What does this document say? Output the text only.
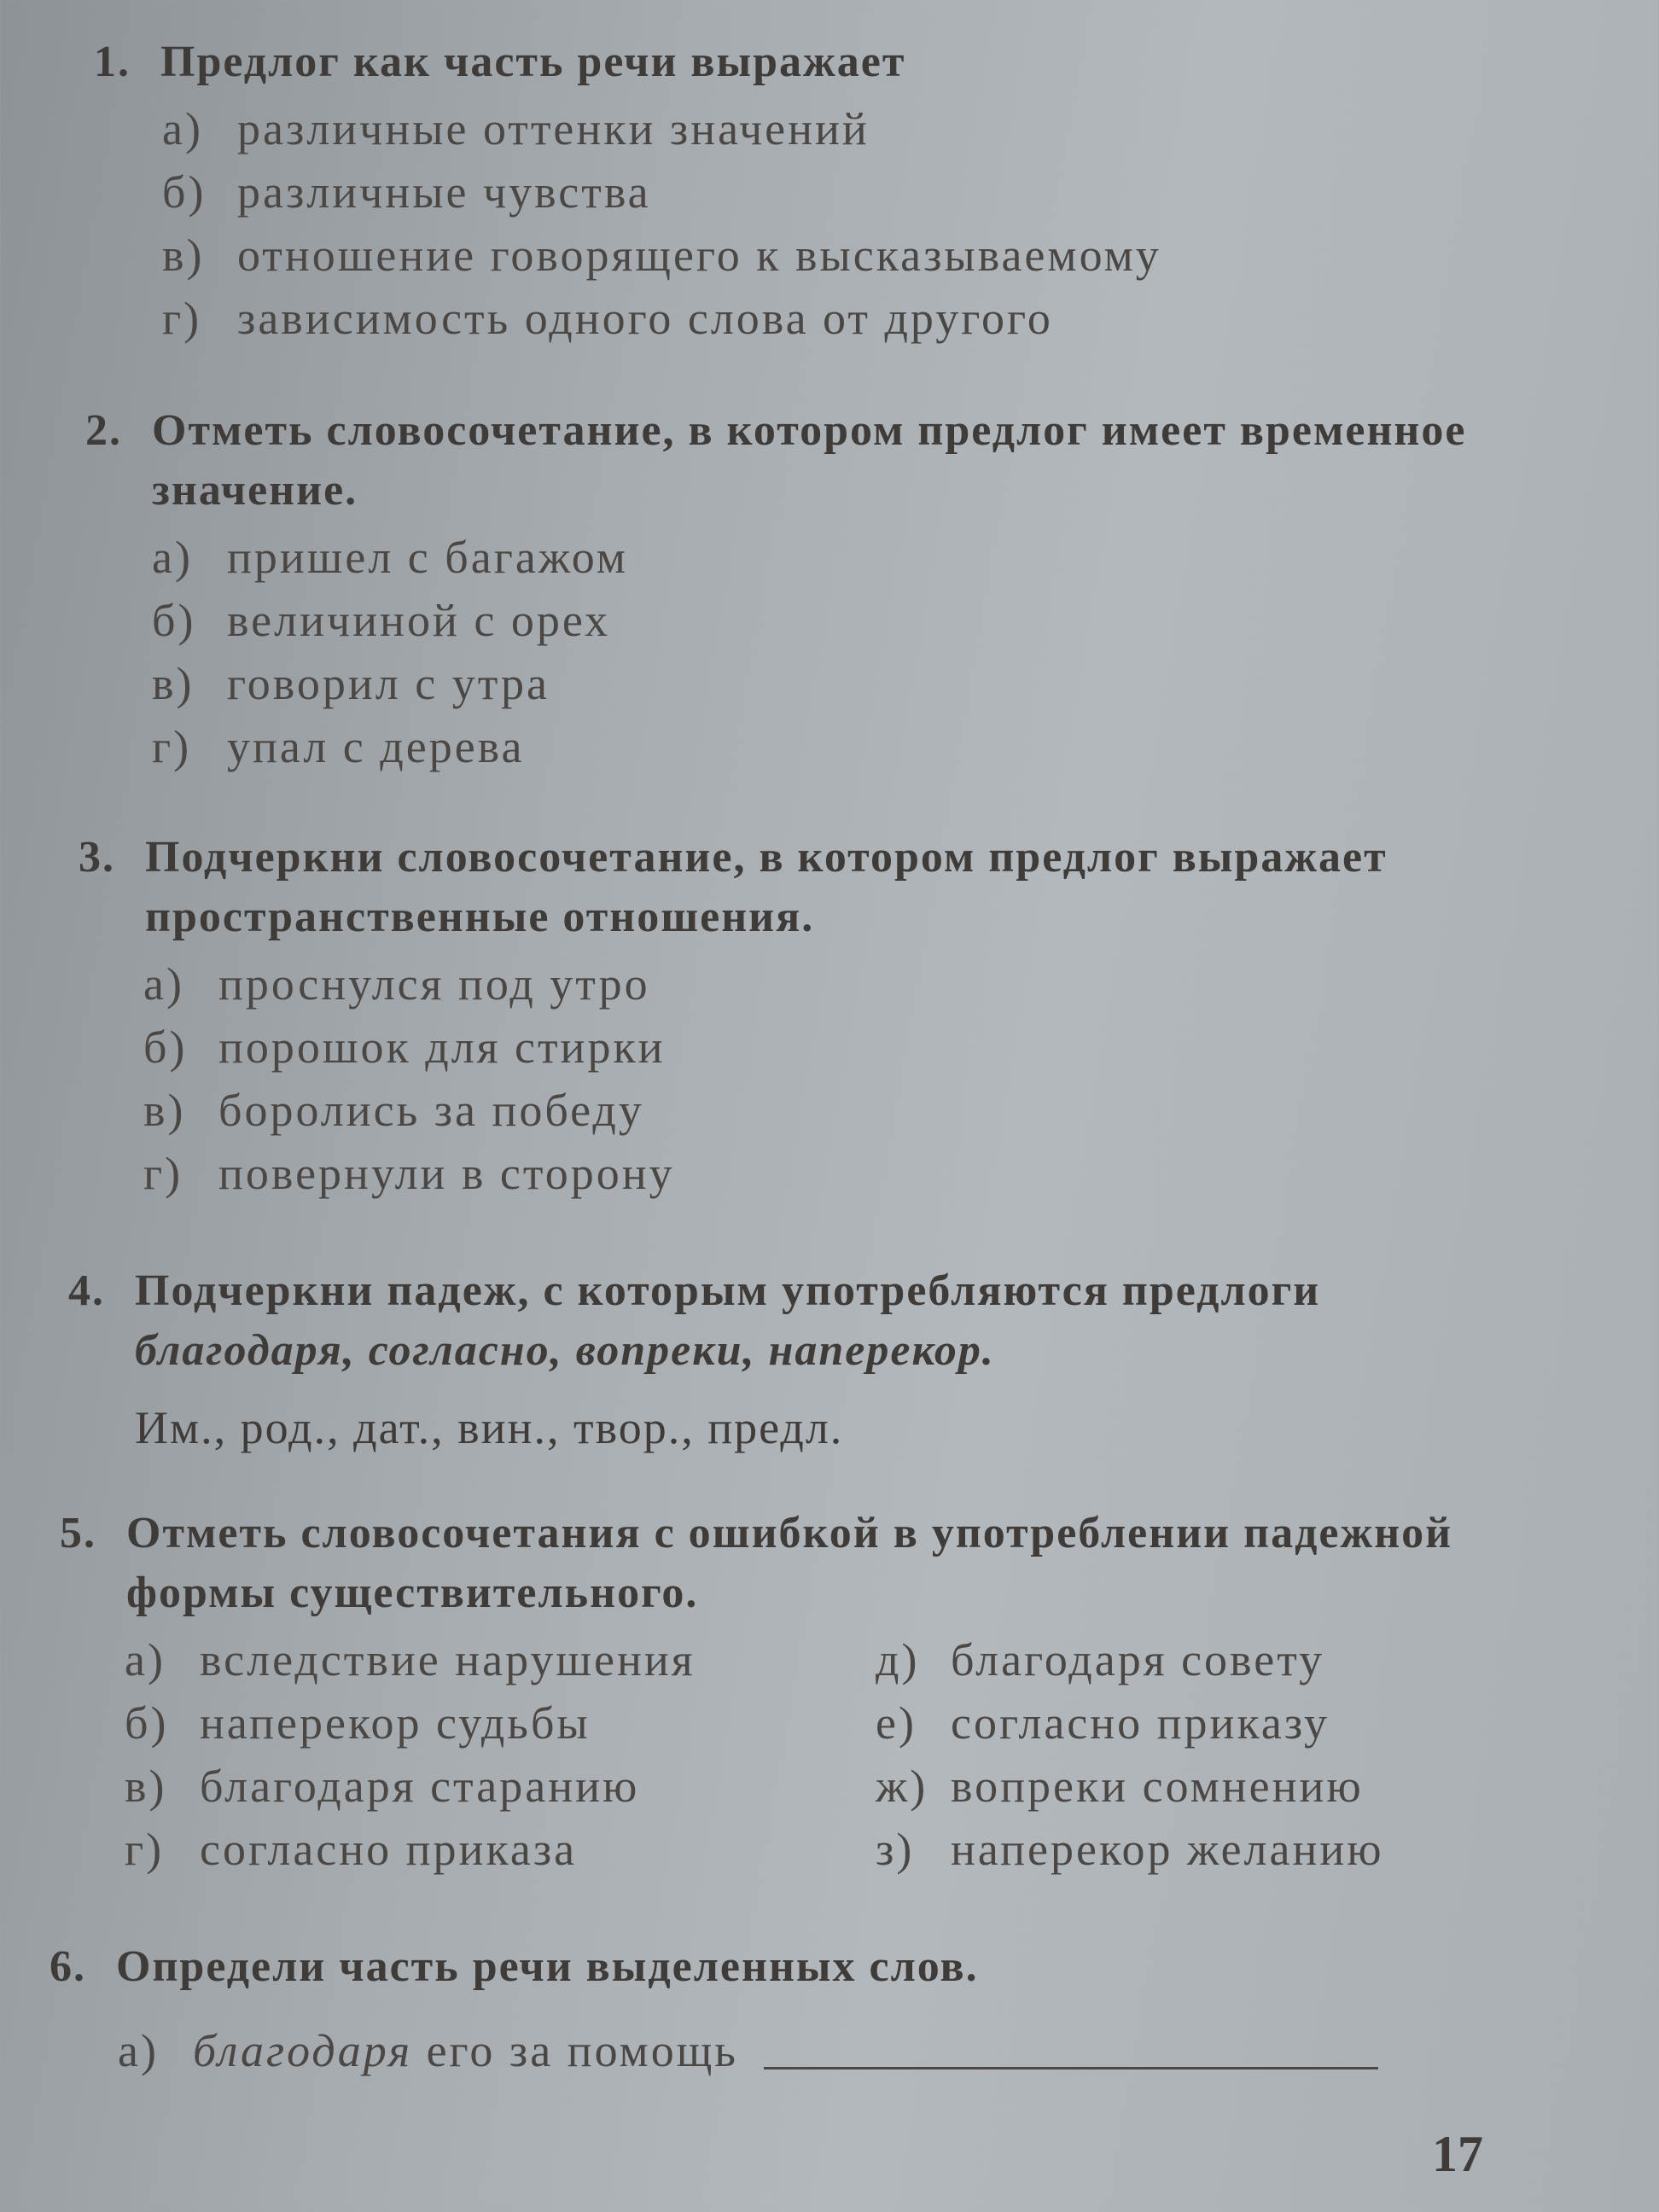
1. Предлог как часть речи выражает
а) различные оттенки значений
б) различные чувства
в) отношение говорящего к высказываемому
г) зависимость одного слова от другого
2. Отметь словосочетание, в котором предлог имеет временное значение.
а) пришел с багажом
б) величиной с орех
в) говорил с утра
г) упал с дерева
3. Подчеркни словосочетание, в котором предлог выражает пространственные отношения.
а) проснулся под утро
б) порошок для стирки
в) боролись за победу
г) повернули в сторону
4. Подчеркни падеж, с которым употребляются предлоги
благодаря, согласно, вопреки, наперекор.
Им., род., дат., вин., твор., предл.
5. Отметь словосочетания с ошибкой в употреблении падежной формы существительного.
а) вследствие нарушения
б) наперекор судьбы
в) благодаря старанию
г) согласно приказа
д) благодаря совету
е) согласно приказу
ж) вопреки сомнению
з) наперекор желанию
6. Определи часть речи выделенных слов.
а) благодаря его за помощь
17
